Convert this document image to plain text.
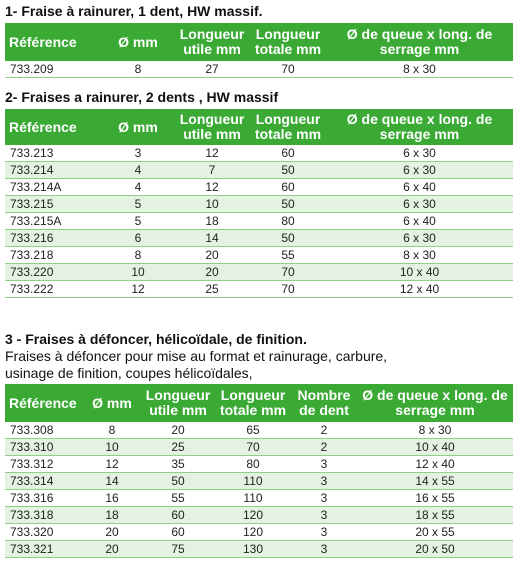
1- Fraise à rainurer, 1 dent, HW massif.
Référence	Ø mm	Longueur utile mm	Longueur totale mm	Ø de queue x long. de serrage mm
733.209	8	27	70	8 x 30
2- Fraises a rainurer, 2 dents , HW massif
Référence	Ø mm	Longueur utile mm	Longueur totale mm	Ø de queue x long. de serrage mm
733.213	3	12	60	6 x 30
733.214	4	7	50	6 x 30
733.214A	4	12	60	6 x 40
733.215	5	10	50	6 x 30
733.215A	5	18	80	6 x 40
733.216	6	14	50	6 x 30
733.218	8	20	55	8 x 30
733.220	10	20	70	10 x 40
733.222	12	25	70	12 x 40
3 - Fraises à défoncer, hélicoïdale, de finition.
Fraises à défoncer pour mise au format et rainurage, carbure,
usinage de finition, coupes hélicoïdales,
Référence	Ø mm	Longueur utile mm	Longueur totale mm	Nombre de dent	Ø de queue x long. de serrage mm
733.308	8	20	65	2	8 x 30
733.310	10	25	70	2	10 x 40
733.312	12	35	80	3	12 x 40
733.314	14	50	110	3	14 x 55
733.316	16	55	110	3	16 x 55
733.318	18	60	120	3	18 x 55
733.320	20	60	120	3	20 x 55
733.321	20	75	130	3	20 x 50
